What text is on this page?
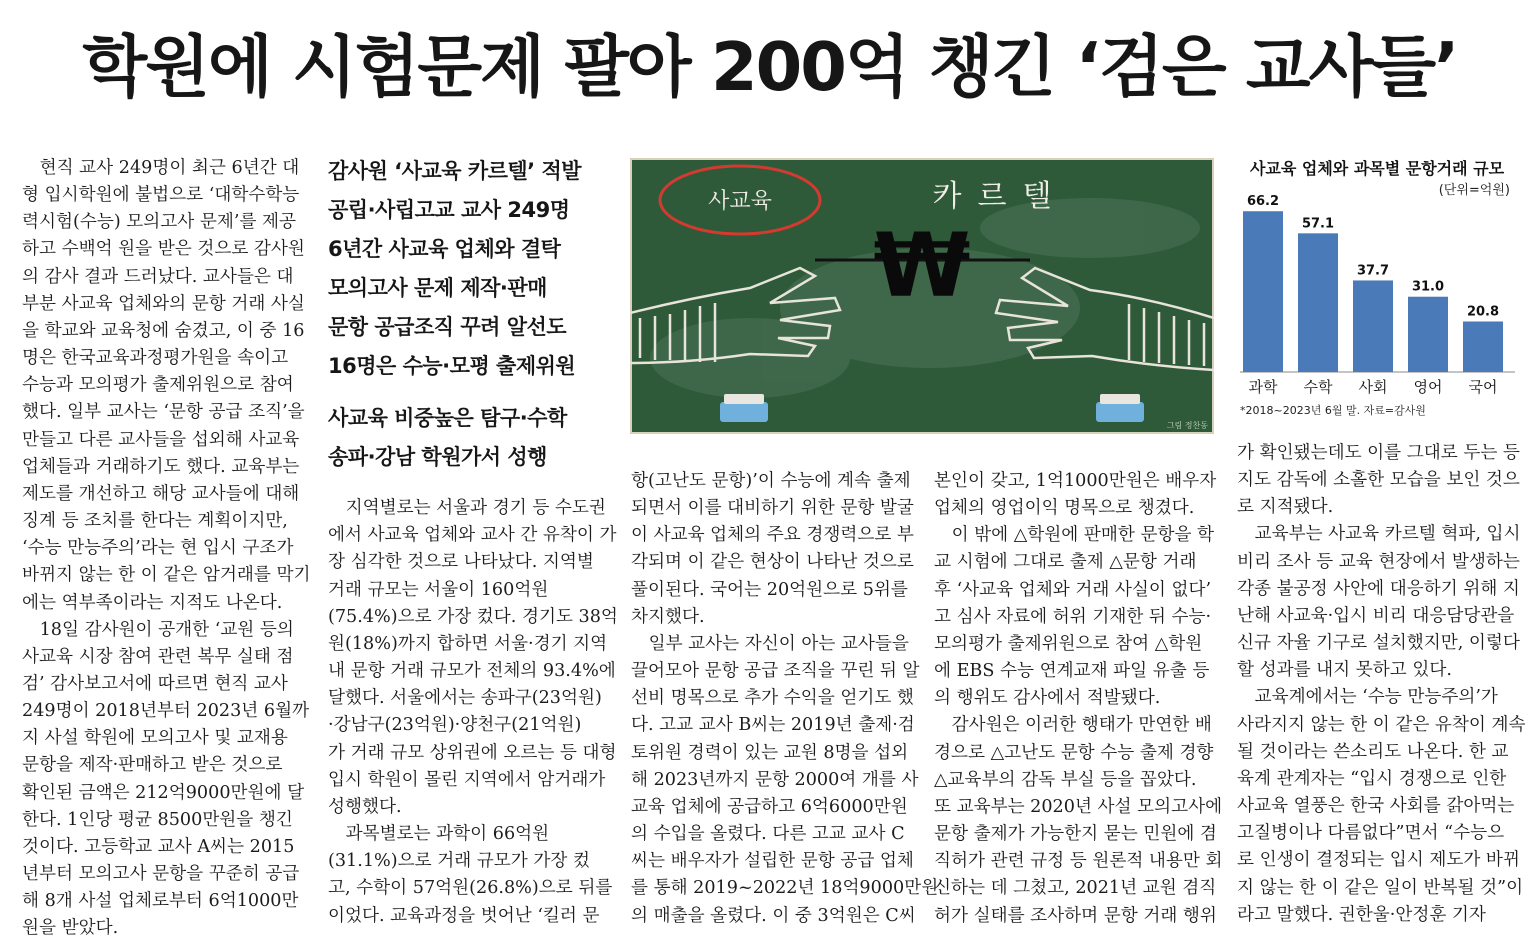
학원에 시험문제 팔아 200억 챙긴 ‘검은 교사들’

　현직 교사 249명이 최근 6년간 대

형 입시학원에 불법으로 ‘대학수학능

력시험(수능) 모의고사 문제’를 제공

하고 수백억 원을 받은 것으로 감사원

의 감사 결과 드러났다. 교사들은 대

부분 사교육 업체와의 문항 거래 사실

을 학교와 교육청에 숨겼고, 이 중 16

명은 한국교육과정평가원을 속이고

수능과 모의평가 출제위원으로 참여

했다. 일부 교사는 ‘문항 공급 조직’을

만들고 다른 교사들을 섭외해 사교육

업체들과 거래하기도 했다. 교육부는

제도를 개선하고 해당 교사들에 대해

징계 등 조치를 한다는 계획이지만,

‘수능 만능주의’라는 현 입시 구조가

바뀌지 않는 한 이 같은 암거래를 막기

에는 역부족이라는 지적도 나온다.

　18일 감사원이 공개한 ‘교원 등의

사교육 시장 참여 관련 복무 실태 점

검’ 감사보고서에 따르면 현직 교사

249명이 2018년부터 2023년 6월까

지 사설 학원에 모의고사 및 교재용

문항을 제작·판매하고 받은 것으로

확인된 금액은 212억9000만원에 달

한다. 1인당 평균 8500만원을 챙긴

것이다. 고등학교 교사 A씨는 2015

년부터 모의고사 문항을 꾸준히 공급

해 8개 사설 업체로부터 6억1000만

원을 받았다.

감사원 ‘사교육 카르텔’ 적발

공립·사립고교 교사 249명

6년간 사교육 업체와 결탁

모의고사 문제 제작·판매

문항 공급조직 꾸려 알선도

16명은 수능·모평 출제위원

사교육 비중높은 탐구·수학

송파·강남 학원가서 성행

사교육	카르텔
₩
그림 정찬동
사교육 업체와 과목별 문항거래 규모
(단위=억원)
66.2
과학
57.1
수학
37.7
사회
31.0
영어
20.8
국어
*2018~2023년 6월 말. 자료=감사원

　지역별로는 서울과 경기 등 수도권

에서 사교육 업체와 교사 간 유착이 가

장 심각한 것으로 나타났다. 지역별

거래 규모는 서울이 160억원

(75.4%)으로 가장 컸다. 경기도 38억

원(18%)까지 합하면 서울·경기 지역

내 문항 거래 규모가 전체의 93.4%에

달했다. 서울에서는 송파구(23억원)

·강남구(23억원)·양천구(21억원)

가 거래 규모 상위권에 오르는 등 대형

입시 학원이 몰린 지역에서 암거래가

성행했다.

　과목별로는 과학이 66억원

(31.1%)으로 거래 규모가 가장 컸

고, 수학이 57억원(26.8%)으로 뒤를

이었다. 교육과정을 벗어난 ‘킬러 문

항(고난도 문항)’이 수능에 계속 출제

되면서 이를 대비하기 위한 문항 발굴

이 사교육 업체의 주요 경쟁력으로 부

각되며 이 같은 현상이 나타난 것으로

풀이된다. 국어는 20억원으로 5위를

차지했다.

　일부 교사는 자신이 아는 교사들을

끌어모아 문항 공급 조직을 꾸린 뒤 알

선비 명목으로 추가 수익을 얻기도 했

다. 고교 교사 B씨는 2019년 출제·검

토위원 경력이 있는 교원 8명을 섭외

해 2023년까지 문항 2000여 개를 사

교육 업체에 공급하고 6억6000만원

의 수입을 올렸다. 다른 고교 교사 C

씨는 배우자가 설립한 문항 공급 업체

를 통해 2019~2022년 18억9000만원

의 매출을 올렸다. 이 중 3억원은 C씨

본인이 갖고, 1억1000만원은 배우자

업체의 영업이익 명목으로 챙겼다.

　이 밖에 △학원에 판매한 문항을 학

교 시험에 그대로 출제 △문항 거래

후 ‘사교육 업체와 거래 사실이 없다’

고 심사 자료에 허위 기재한 뒤 수능·

모의평가 출제위원으로 참여 △학원

에 EBS 수능 연계교재 파일 유출 등

의 행위도 감사에서 적발됐다.

　감사원은 이러한 행태가 만연한 배

경으로 △고난도 문항 수능 출제 경향

△교육부의 감독 부실 등을 꼽았다.

또 교육부는 2020년 사설 모의고사에

문항 출제가 가능한지 묻는 민원에 겸

직허가 관련 규정 등 원론적 내용만 회

신하는 데 그쳤고, 2021년 교원 겸직

허가 실태를 조사하며 문항 거래 행위

가 확인됐는데도 이를 그대로 두는 등

지도 감독에 소홀한 모습을 보인 것으

로 지적됐다.

　교육부는 사교육 카르텔 혁파, 입시

비리 조사 등 교육 현장에서 발생하는

각종 불공정 사안에 대응하기 위해 지

난해 사교육·입시 비리 대응담당관을

신규 자율 기구로 설치했지만, 이렇다

할 성과를 내지 못하고 있다.

　교육계에서는 ‘수능 만능주의’가

사라지지 않는 한 이 같은 유착이 계속

될 것이라는 쓴소리도 나온다. 한 교

육계 관계자는 “입시 경쟁으로 인한

사교육 열풍은 한국 사회를 갉아먹는

고질병이나 다름없다”면서 “수능으

로 인생이 결정되는 입시 제도가 바뀌

지 않는 한 이 같은 일이 반복될 것”이

라고 말했다. 권한울·안정훈 기자
